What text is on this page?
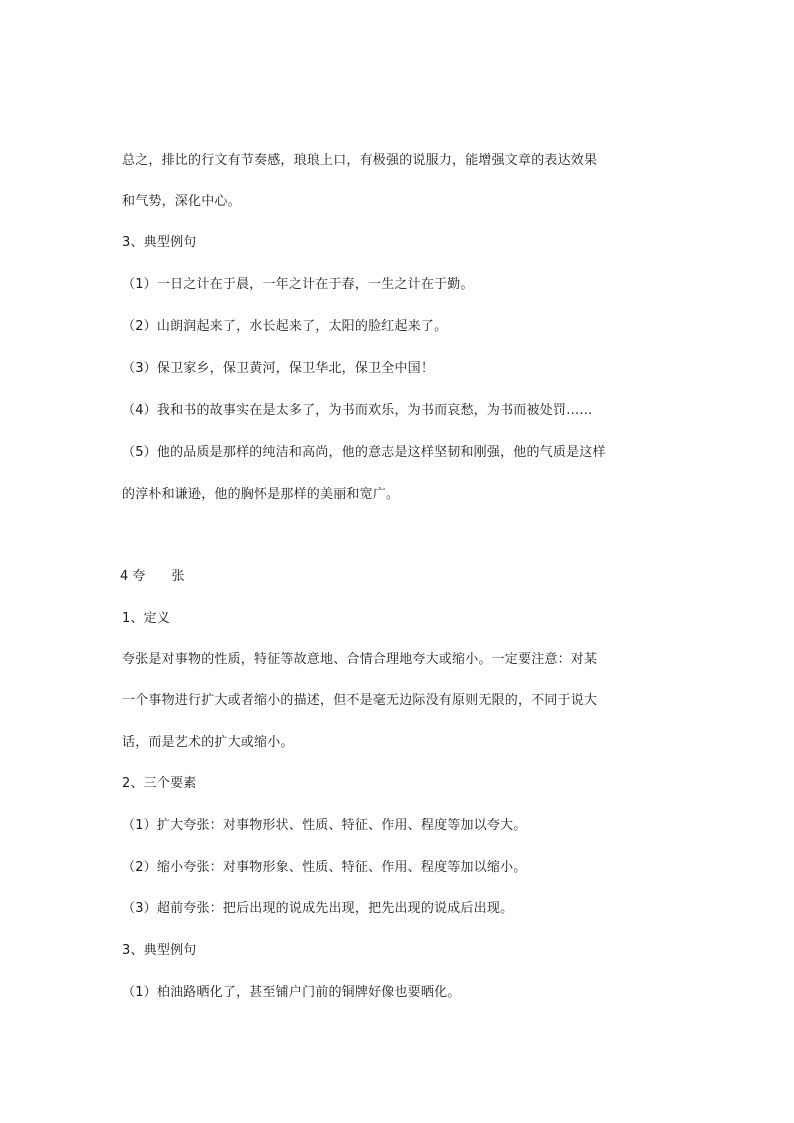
总之，排比的行文有节奏感，琅琅上口，有极强的说服力，能增强文章的表达效果
和气势，深化中心。
3、典型例句
（1）一日之计在于晨，一年之计在于春，一生之计在于勤。
（2）山朗润起来了，水长起来了，太阳的脸红起来了。
（3）保卫家乡，保卫黄河，保卫华北，保卫全中国！
（4）我和书的故事实在是太多了，为书而欢乐，为书而哀愁，为书而被处罚……
（5）他的品质是那样的纯洁和高尚，他的意志是这样坚韧和刚强，他的气质是这样
的淳朴和谦逊，他的胸怀是那样的美丽和宽广。
4 夸 张
1、定义
夸张是对事物的性质，特征等故意地、合情合理地夸大或缩小。一定要注意：对某
一个事物进行扩大或者缩小的描述，但不是毫无边际没有原则无限的，不同于说大
话，而是艺术的扩大或缩小。
2、三个要素
（1）扩大夸张：对事物形状、性质、特征、作用、程度等加以夸大。
（2）缩小夸张：对事物形象、性质、特征、作用、程度等加以缩小。
（3）超前夸张：把后出现的说成先出现，把先出现的说成后出现。
3、典型例句
（1）柏油路晒化了，甚至铺户门前的铜牌好像也要晒化。
